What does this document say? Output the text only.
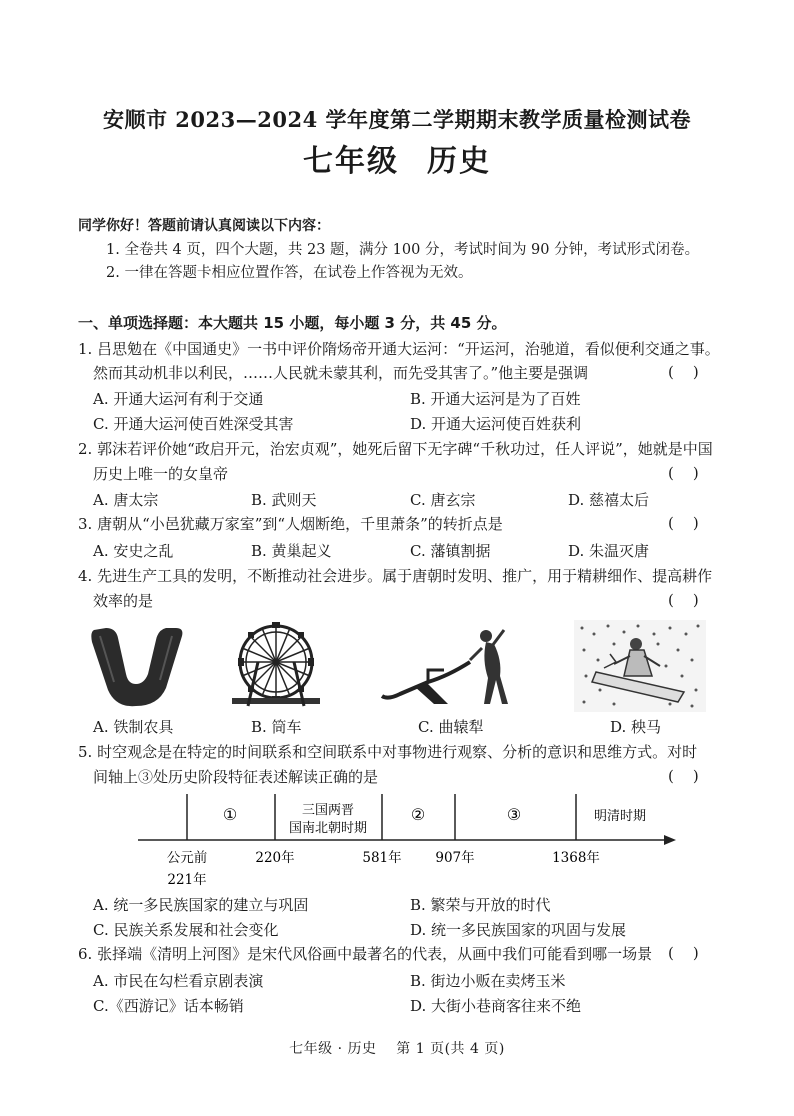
安顺市 2023—2024 学年度第二学期期末教学质量检测试卷
七年级 历史
同学你好！答题前请认真阅读以下内容：
1. 全卷共 4 页，四个大题，共 23 题，满分 100 分，考试时间为 90 分钟，考试形式闭卷。
2. 一律在答题卡相应位置作答，在试卷上作答视为无效。
一、单项选择题：本大题共 15 小题，每小题 3 分，共 45 分。
1. 吕思勉在《中国通史》一书中评价隋炀帝开通大运河：“开运河，治驰道，看似便利交通之事。
然而其动机非以利民，……人民就未蒙其利，而先受其害了。”他主要是强调	(    )
A. 开通大运河有利于交通	B. 开通大运河是为了百姓
C. 开通大运河使百姓深受其害	D. 开通大运河使百姓获利
2. 郭沫若评价她“政启开元，治宏贞观”，她死后留下无字碑“千秋功过，任人评说”，她就是中国
历史上唯一的女皇帝	(    )
A. 唐太宗	B. 武则天	C. 唐玄宗	D. 慈禧太后
3. 唐朝从“小邑犹藏万家室”到“人烟断绝，千里萧条”的转折点是	(    )
A. 安史之乱	B. 黄巢起义	C. 藩镇割据	D. 朱温灭唐
4. 先进生产工具的发明，不断推动社会进步。属于唐朝时发明、推广，用于精耕细作、提高耕作
效率的是	(    )
A. 铁制农具	B. 筒车	C. 曲辕犁	D. 秧马
5. 时空观念是在特定的时间联系和空间联系中对事物进行观察、分析的意识和思维方式。对时
间轴上③处历史阶段特征表述解读正确的是	(    )
①	三国两晋
国南北朝时期
②	③	明清时期
公元前
221年
220年	581年 907年	1368年
A. 统一多民族国家的建立与巩固	B. 繁荣与开放的时代
C. 民族关系发展和社会变化	D. 统一多民族国家的巩固与发展
6. 张择端《清明上河图》是宋代风俗画中最著名的代表，从画中我们可能看到哪一场景 (    )
A. 市民在勾栏看京剧表演	B. 街边小贩在卖烤玉米
C.《西游记》话本畅销	D. 大街小巷商客往来不绝
七年级 · 历史    第 1 页(共 4 页)
